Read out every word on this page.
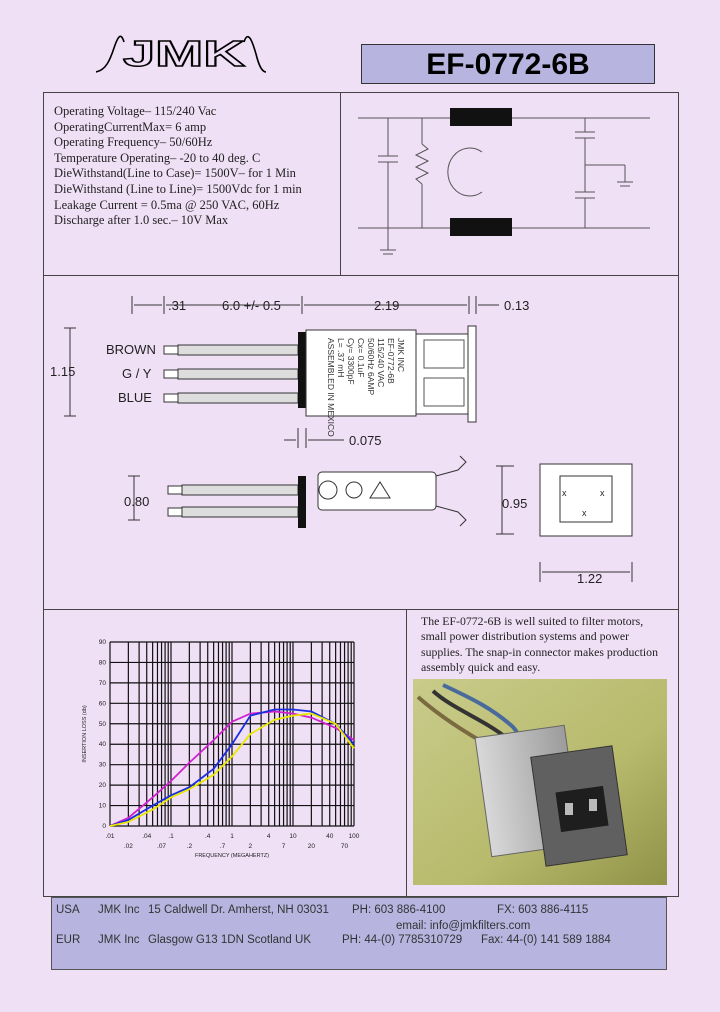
JMK	EF-0772-6B
Operating Voltage– 115/240 Vac
OperatingCurrentMax= 6 amp
Operating Frequency– 50/60Hz
Temperature Operating– -20 to 40 deg. C
DieWithstand(Line to Case)= 1500V– for 1 Min
DieWithstand (Line to Line)= 1500Vdc for 1 min
Leakage Current = 0.5ma @ 250 VAC, 60Hz
Discharge after 1.0 sec.– 10V Max
.31	6.0 +/- 0.5	2.19	0.13
1.15
BROWN
G / Y
BLUE
JMK INC
EF-0772-6B
115/240 VAC
50/60Hz 6AMP
Cx= 0.1uF
Cy= 3300pF
L= .37 mH
ASSEMBLED IN MEXICO
0.075
0.80
x	x
x
0.95
1.22
0
10
20
30
40
50
60
70
80
90
.01	.04	.1	.4	1	4	10	40 100
.02	.07	.2	.7	2	7	20	70
FREQUENCY (MEGAHERTZ)
INSERTION LOSS (db)
The EF-0772-6B is well suited to filter motors, small power distribution systems and power supplies. The snap-in connector makes production assembly quick and easy.
USA JMK Inc 15 Caldwell Dr. Amherst, NH 03031 PH: 603 886-4100	FX: 603 886-4115
email: info@jmkfilters.com
EUR JMK Inc Glasgow G13 1DN Scotland UK	PH: 44-(0) 7785310729 Fax: 44-(0) 141 589 1884
